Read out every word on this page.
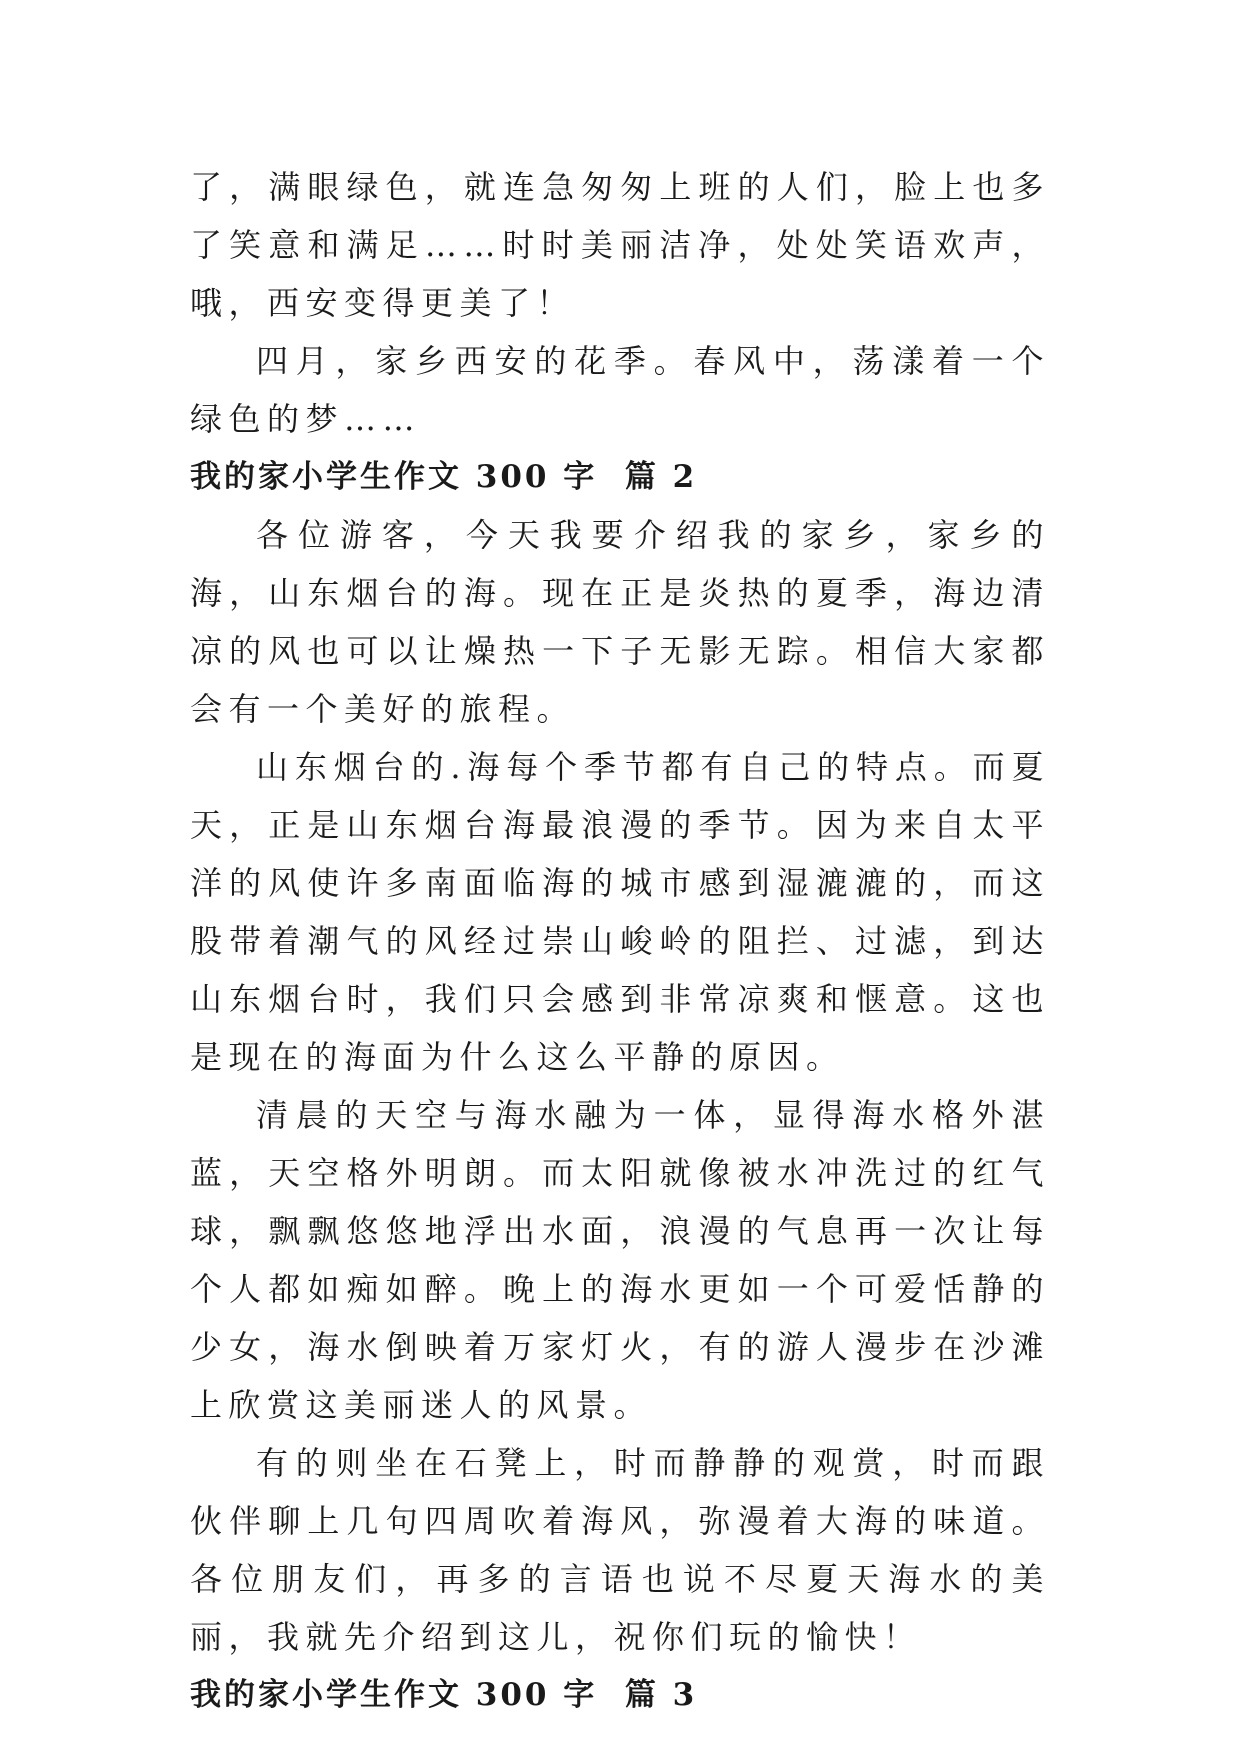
了，满眼绿色，就连急匆匆上班的人们，脸上也多了笑意和满足……时时美丽洁净，处处笑语欢声，哦，西安变得更美了！

四月，家乡西安的花季。春风中，荡漾着一个绿色的梦……

我的家小学生作文 300 字  篇 2

各位游客，今天我要介绍我的家乡，家乡的海，山东烟台的海。现在正是炎热的夏季，海边清凉的风也可以让燥热一下子无影无踪。相信大家都会有一个美好的旅程。

山东烟台的.海每个季节都有自己的特点。而夏天，正是山东烟台海最浪漫的季节。因为来自太平洋的风使许多南面临海的城市感到湿漉漉的，而这股带着潮气的风经过崇山峻岭的阻拦、过滤，到达山东烟台时，我们只会感到非常凉爽和惬意。这也是现在的海面为什么这么平静的原因。

清晨的天空与海水融为一体，显得海水格外湛蓝，天空格外明朗。而太阳就像被水冲洗过的红气球，飘飘悠悠地浮出水面，浪漫的气息再一次让每个人都如痴如醉。晚上的海水更如一个可爱恬静的少女，海水倒映着万家灯火，有的游人漫步在沙滩上欣赏这美丽迷人的风景。

有的则坐在石凳上，时而静静的观赏，时而跟伙伴聊上几句四周吹着海风，弥漫着大海的味道。各位朋友们，再多的言语也说不尽夏天海水的美丽，我就先介绍到这儿，祝你们玩的愉快！

我的家小学生作文 300 字  篇 3
